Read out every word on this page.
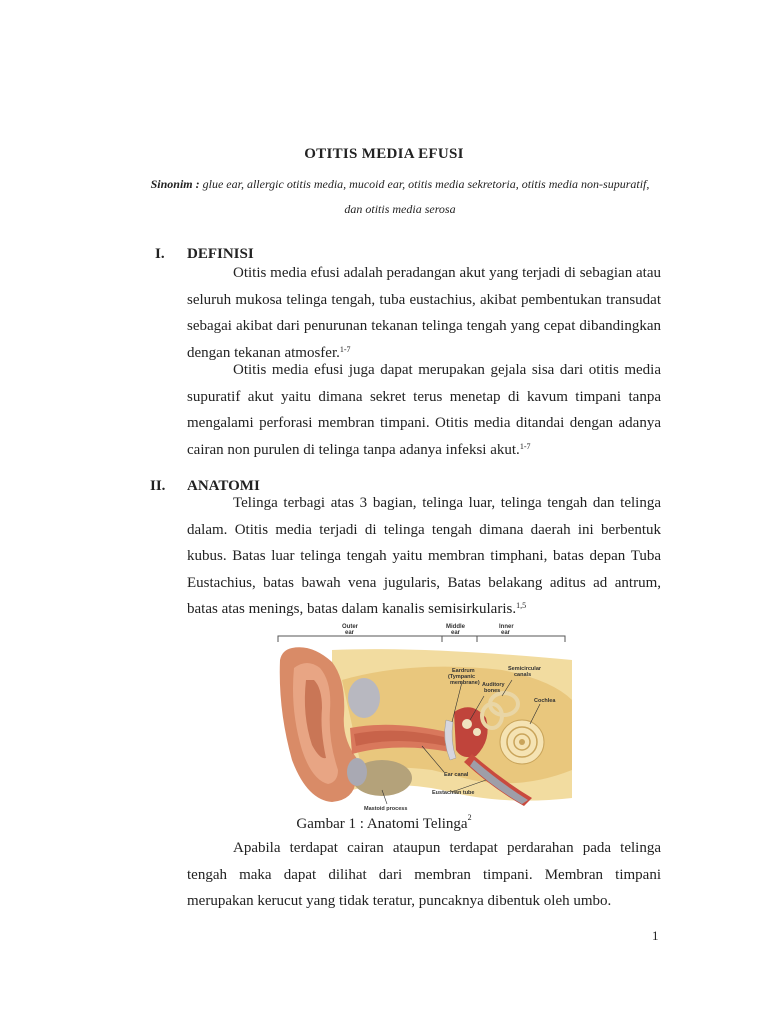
OTITIS MEDIA EFUSI
Sinonim : glue ear, allergic otitis media, mucoid ear, otitis media sekretoria, otitis media non-supuratif, dan otitis media serosa
I. DEFINISI
Otitis media efusi adalah peradangan akut yang terjadi di sebagian atau seluruh mukosa telinga tengah, tuba eustachius, akibat pembentukan transudat sebagai akibat dari penurunan tekanan telinga tengah yang cepat dibandingkan dengan tekanan atmosfer.$^{1-7}$
Otitis media efusi juga dapat merupakan gejala sisa dari otitis media supuratif akut yaitu dimana sekret terus menetap di kavum timpani tanpa mengalami perforasi membran timpani. Otitis media ditandai dengan adanya cairan non purulen di telinga tanpa adanya infeksi akut.$^{1-7}$
II. ANATOMI
Telinga terbagi atas 3 bagian, telinga luar, telinga tengah dan telinga dalam. Otitis media terjadi di telinga tengah dimana daerah ini berbentuk kubus. Batas luar telinga tengah yaitu membran timphani, batas depan Tuba Eustachius, batas bawah vena jugularis, Batas belakang aditus ad antrum, batas atas menings, batas dalam kanalis semisirkularis.$^{1,5}$
Outer
ear
Middle
ear
Inner
ear
Eardrum
(Tympanic
membrane) Auditory
bones
Semicircular
canals
Cochlea
Ear canal
Eustachian tube
Mastoid process
Gambar 1 : Anatomi Telinga$^2$
Apabila terdapat cairan ataupun terdapat perdarahan pada telinga tengah maka dapat dilihat dari membran timpani. Membran timpani merupakan kerucut yang tidak teratur, puncaknya dibentuk oleh umbo.
1
